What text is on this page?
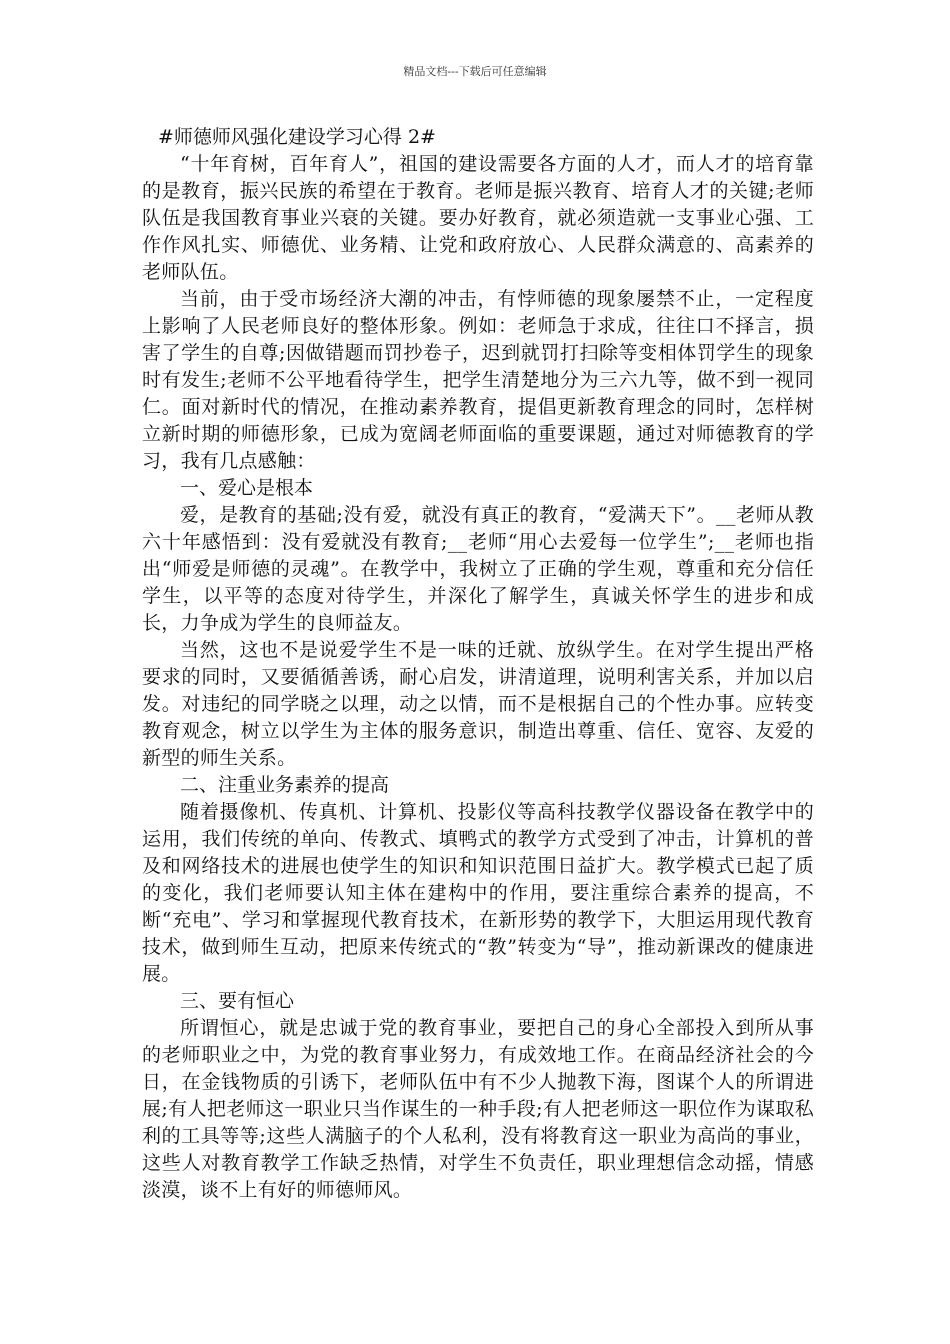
精品文档---下载后可任意编辑
#师德师风强化建设学习心得 2#

“十年育树，百年育人”，祖国的建设需要各方面的人才，而人才的培育靠的是教育，振兴民族的希望在于教育。老师是振兴教育、培育人才的关键;老师队伍是我国教育事业兴衰的关键。要办好教育，就必须造就一支事业心强、工作作风扎实、师德优、业务精、让党和政府放心、人民群众满意的、高素养的老师队伍。

当前，由于受市场经济大潮的冲击，有悖师德的现象屡禁不止，一定程度上影响了人民老师良好的整体形象。例如：老师急于求成，往往口不择言，损害了学生的自尊;因做错题而罚抄卷子，迟到就罚打扫除等变相体罚学生的现象时有发生;老师不公平地看待学生，把学生清楚地分为三六九等，做不到一视同仁。面对新时代的情况，在推动素养教育，提倡更新教育理念的同时，怎样树立新时期的师德形象，已成为宽阔老师面临的重要课题，通过对师德教育的学习，我有几点感触：

一、爱心是根本

爱，是教育的基础;没有爱，就没有真正的教育，“爱满天下”。__老师从教六十年感悟到：没有爱就没有教育;__老师“用心去爱每一位学生”;__老师也指出“师爱是师德的灵魂”。在教学中，我树立了正确的学生观，尊重和充分信任学生，以平等的态度对待学生，并深化了解学生，真诚关怀学生的进步和成长，力争成为学生的良师益友。

当然，这也不是说爱学生不是一味的迁就、放纵学生。在对学生提出严格要求的同时，又要循循善诱，耐心启发，讲清道理，说明利害关系，并加以启发。对违纪的同学晓之以理，动之以情，而不是根据自己的个性办事。应转变教育观念，树立以学生为主体的服务意识，制造出尊重、信任、宽容、友爱的新型的师生关系。

二、注重业务素养的提高

随着摄像机、传真机、计算机、投影仪等高科技教学仪器设备在教学中的运用，我们传统的单向、传教式、填鸭式的教学方式受到了冲击，计算机的普及和网络技术的进展也使学生的知识和知识范围日益扩大。教学模式已起了质的变化，我们老师要认知主体在建构中的作用，要注重综合素养的提高，不断“充电”、学习和掌握现代教育技术，在新形势的教学下，大胆运用现代教育技术，做到师生互动，把原来传统式的“教”转变为“导”，推动新课改的健康进展。

三、要有恒心

所谓恒心，就是忠诚于党的教育事业，要把自己的身心全部投入到所从事的老师职业之中，为党的教育事业努力，有成效地工作。在商品经济社会的今日，在金钱物质的引诱下，老师队伍中有不少人抛教下海，图谋个人的所谓进展;有人把老师这一职业只当作谋生的一种手段;有人把老师这一职位作为谋取私利的工具等等;这些人满脑子的个人私利，没有将教育这一职业为高尚的事业，这些人对教育教学工作缺乏热情，对学生不负责任，职业理想信念动摇，情感淡漠，谈不上有好的师德师风。
